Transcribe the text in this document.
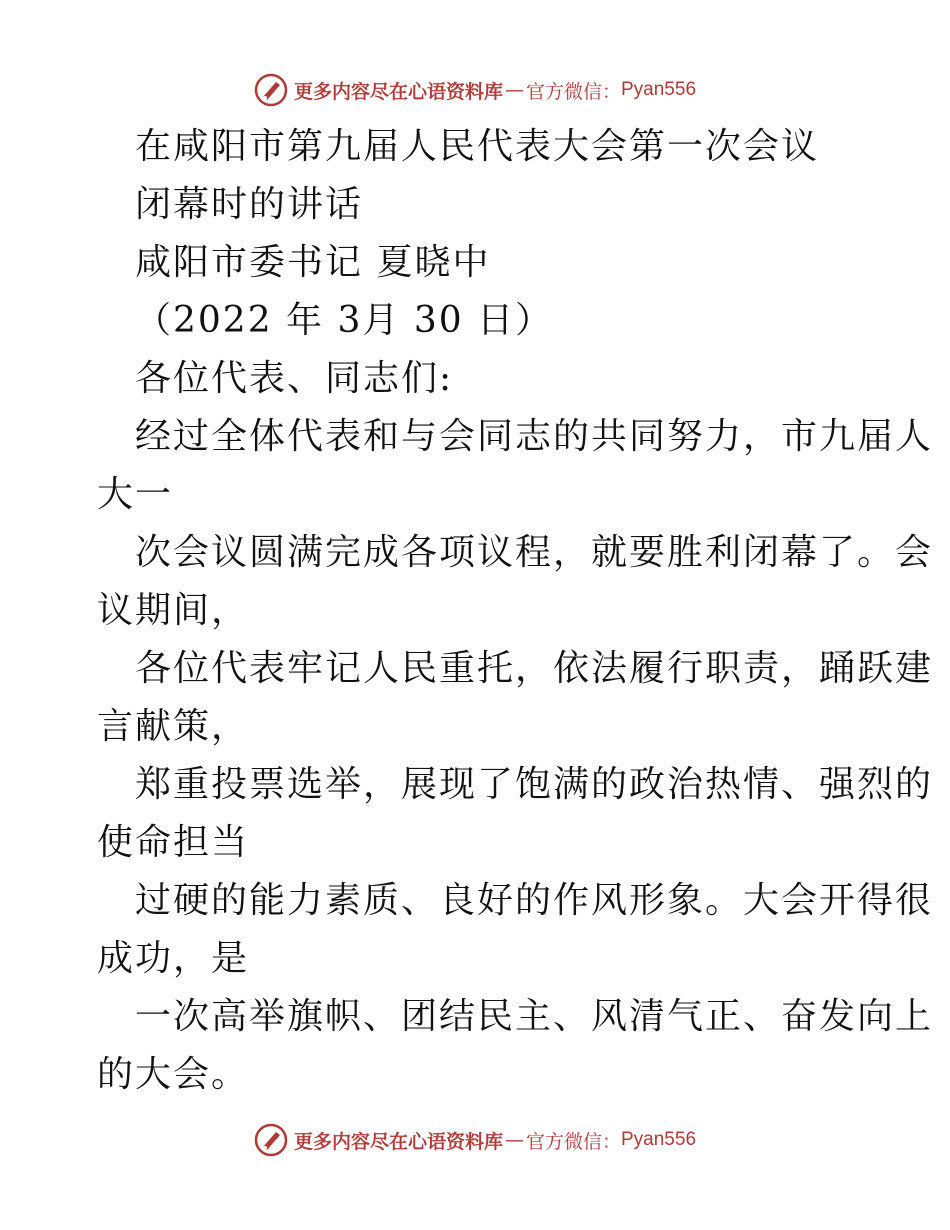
更多内容尽在心语资料库 — 官方微信： Pyan556
在咸阳市第九届人民代表大会第一次会议
闭幕时的讲话
咸阳市委书记 夏晓中
（2022 年 3月 30 日）
各位代表、同志们:
经过全体代表和与会同志的共同努力，市九届人
大一
次会议圆满完成各项议程，就要胜利闭幕了。会
议期间，
各位代表牢记人民重托，依法履行职责，踊跃建
言献策，
郑重投票选举，展现了饱满的政治热情、强烈的
使命担当
过硬的能力素质、良好的作风形象。大会开得很
成功，是
一次高举旗帜、团结民主、风清气正、奋发向上
的大会。
更多内容尽在心语资料库 — 官方微信： Pyan556
